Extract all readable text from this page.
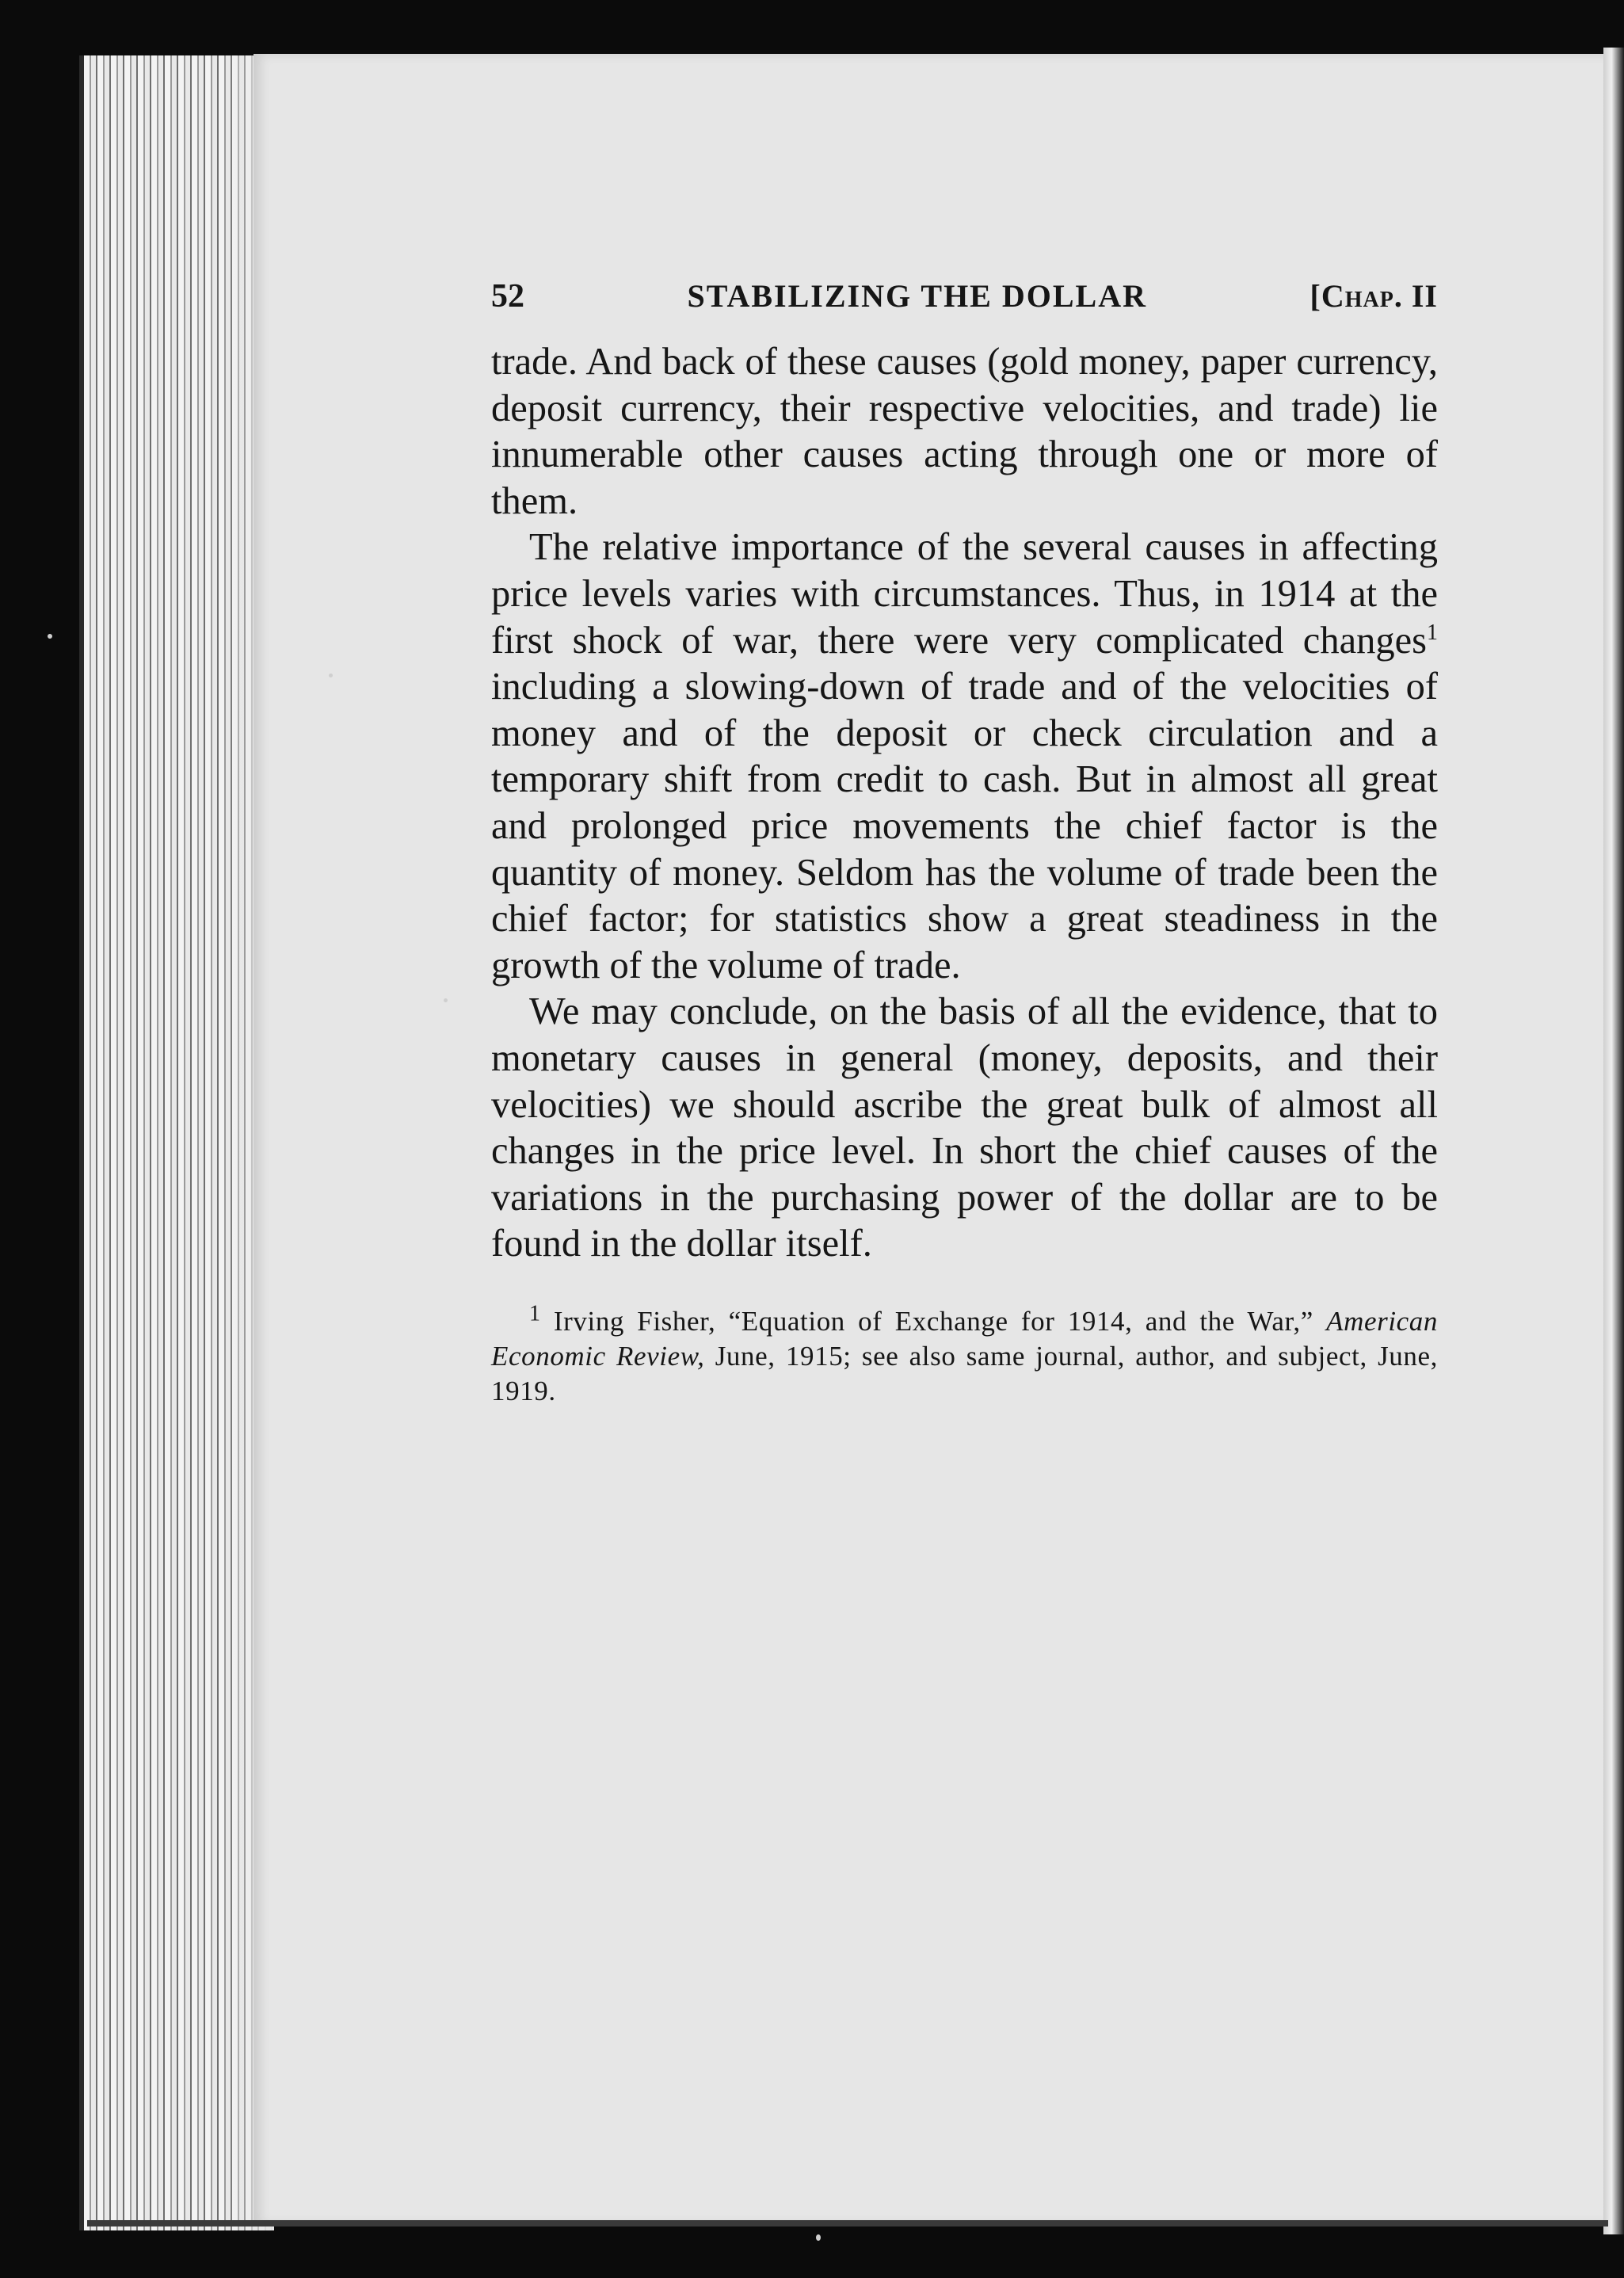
52	STABILIZING THE DOLLAR	[Chap. II

trade. And back of these causes (gold money, paper currency, deposit currency, their respective velocities, and trade) lie innumerable other causes acting through one or more of them.

The relative importance of the several causes in affecting price levels varies with circumstances. Thus, in 1914 at the first shock of war, there were very complicated changes$^1$ including a slowing-down of trade and of the velocities of money and of the deposit or check circulation and a temporary shift from credit to cash. But in almost all great and prolonged price movements the chief factor is the quantity of money. Seldom has the volume of trade been the chief factor; for statistics show a great steadiness in the growth of the volume of trade.

We may conclude, on the basis of all the evidence, that to monetary causes in general (money, deposits, and their velocities) we should ascribe the great bulk of almost all changes in the price level. In short the chief causes of the variations in the purchasing power of the dollar are to be found in the dollar itself.

$^1$ Irving Fisher, “Equation of Exchange for 1914, and the War,” American Economic Review, June, 1915; see also same journal, author, and subject, June, 1919.
